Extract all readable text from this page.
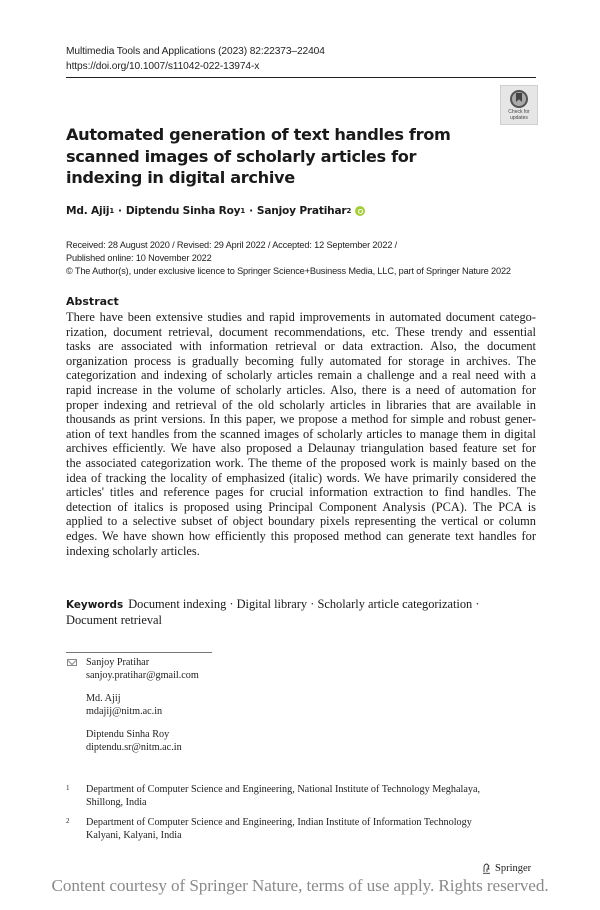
Multimedia Tools and Applications (2023) 82:22373–22404
https://doi.org/10.1007/s11042-022-13974-x
Check for
updates
Automated generation of text handles from scanned images of scholarly articles for indexing in digital archive
Md. Ajij 1 · Diptendu Sinha Roy 1 · Sanjoy Pratihar 2
Received: 28 August 2020 / Revised: 29 April 2022 / Accepted: 12 September 2022 /
Published online: 10 November 2022
© The Author(s), under exclusive licence to Springer Science+Business Media, LLC, part of Springer Nature 2022
Abstract
There have been extensive studies and rapid improvements in automated document catego-
rization, document retrieval, document recommendations, etc. These trendy and essential
tasks are associated with information retrieval or data extraction. Also, the document
organization process is gradually becoming fully automated for storage in archives. The
categorization and indexing of scholarly articles remain a challenge and a real need with a
rapid increase in the volume of scholarly articles. Also, there is a need of automation for
proper indexing and retrieval of the old scholarly articles in libraries that are available in
thousands as print versions. In this paper, we propose a method for simple and robust gener-
ation of text handles from the scanned images of scholarly articles to manage them in digital
archives efficiently. We have also proposed a Delaunay triangulation based feature set for
the associated categorization work. The theme of the proposed work is mainly based on the
idea of tracking the locality of emphasized (italic) words. We have primarily considered the
articles' titles and reference pages for crucial information extraction to find handles. The
detection of italics is proposed using Principal Component Analysis (PCA). The PCA is
applied to a selective subset of object boundary pixels representing the vertical or column
edges. We have shown how efficiently this proposed method can generate text handles for
indexing scholarly articles.
Keywords Document indexing · Digital library · Scholarly article categorization ·
Document retrieval
Sanjoy Pratihar
sanjoy.pratihar@gmail.com
Md. Ajij
mdajij@nitm.ac.in
Diptendu Sinha Roy
diptendu.sr@nitm.ac.in
1	Department of Computer Science and Engineering, National Institute of Technology Meghalaya,
Shillong, India
2	Department of Computer Science and Engineering, Indian Institute of Information Technology
Kalyani, Kalyani, India
Springer
Content courtesy of Springer Nature, terms of use apply. Rights reserved.
